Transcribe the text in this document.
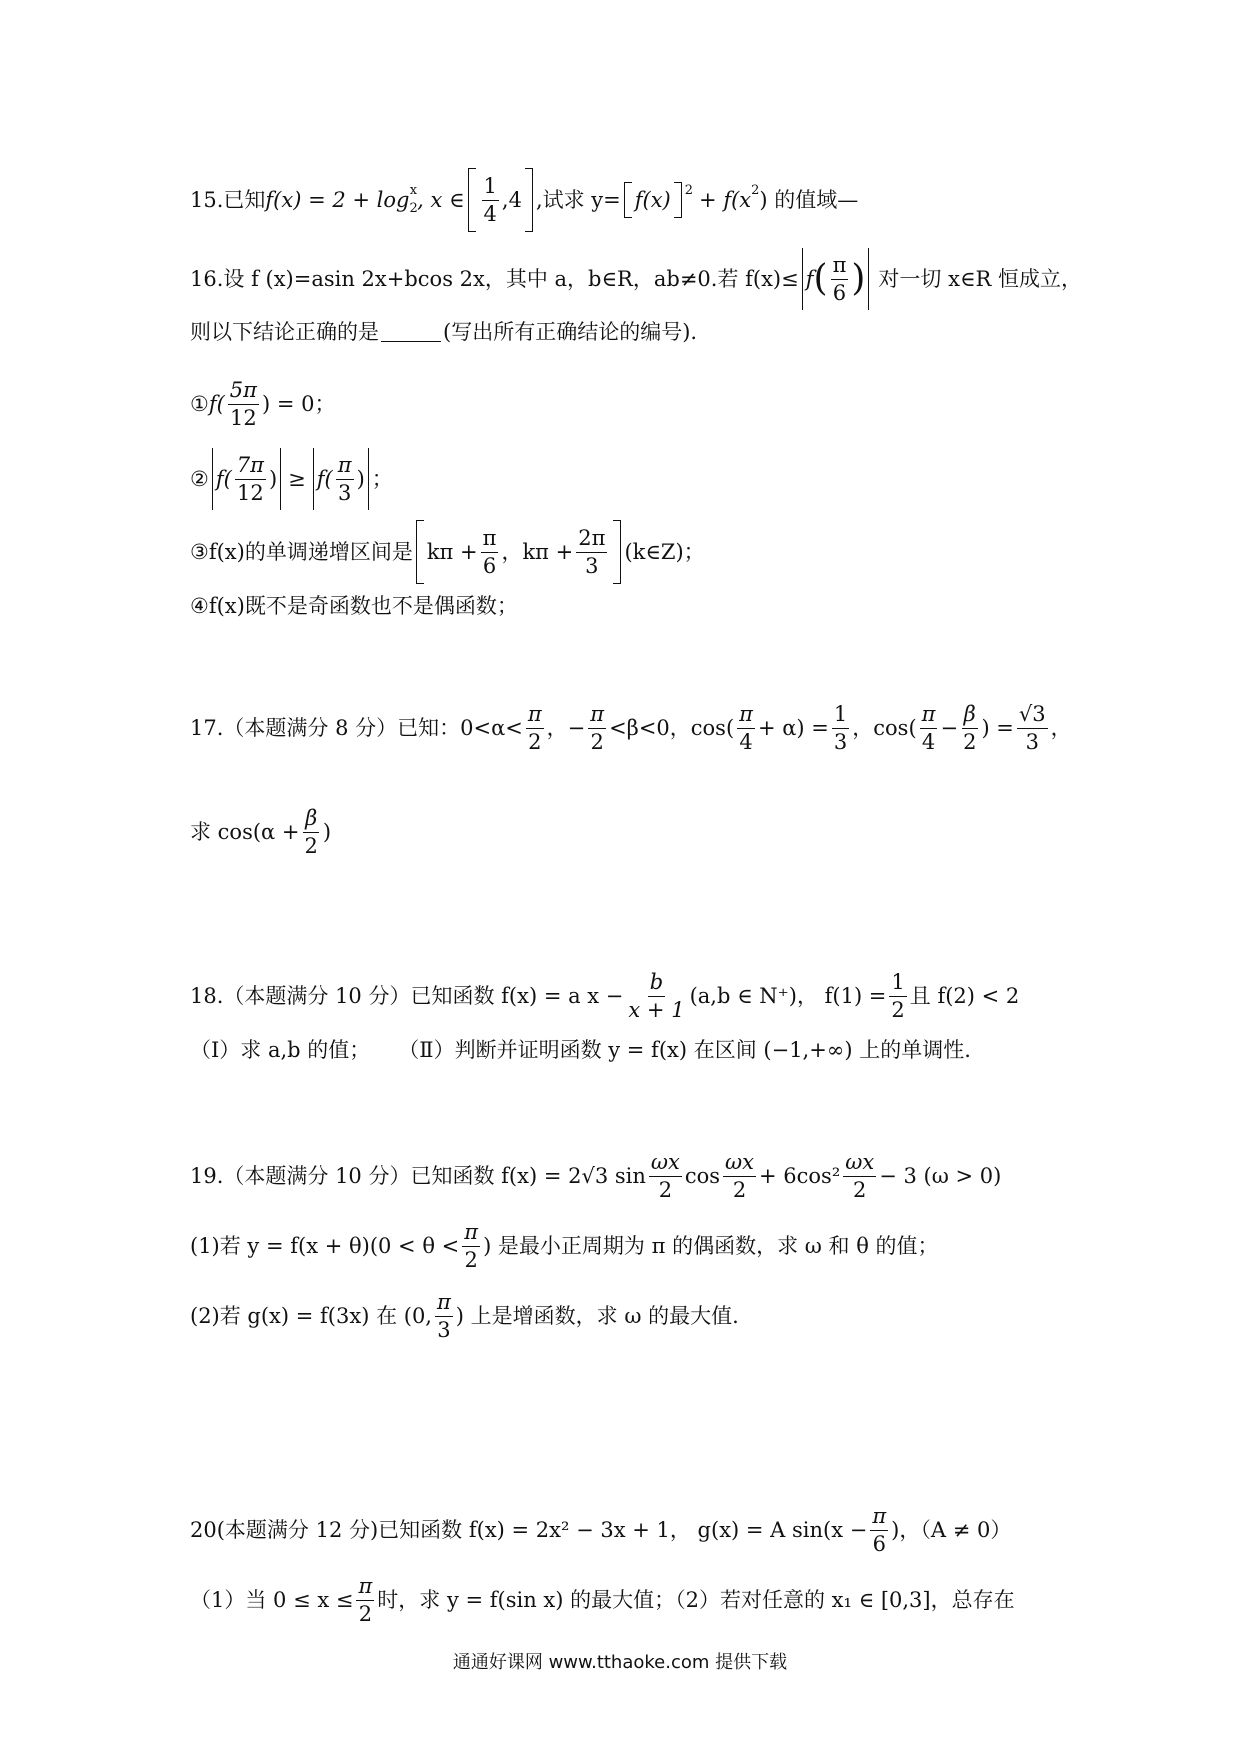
15.已知 f(x) = 2 + log 2
x , x ∈ $\frac{1}{4} ,4$ ,试求 y= f(x) 2 + f(x 2 ) 的值域—
16.设 f (x)=asin 2x+bcos 2x，其中 a，b∈R，ab≠0.若 f(x)≤ f ( $\frac{\pi}{6}$ ) 对一切 x∈R 恒成立，
则以下结论正确的是	(写出所有正确结论的编号).
① $f( \frac{5\pi}{12}$ ) = 0；
② $f( \frac{7\pi}{12}$ ) ≥ $f( \frac{\pi}{3}$ ) ；
③f(x)的单调递增区间是 $k\pi + \frac{\pi}{6}$ ，$k\pi + \frac{2\pi}{3}$ (k∈Z)；
④f(x)既不是奇函数也不是偶函数；
17.（本题满分 8 分）已知：$0<\alpha< \frac{\pi}{2}$ ，− $\frac{\pi}{2} <\beta<0$，$\cos( \frac{\pi}{4} + \alpha) = \frac{1}{3}$ ，$\cos( \frac{\pi}{4} - \frac{\beta}{2}$ ) = $\frac{√3}{3}$ ，
求 $\cos(\alpha + \frac{\beta}{2}$ )
18.（本题满分 10 分）已知函数 f(x) = a $x - \frac{b}{x + 1} (a,b$ ∈ N⁺)， $f(1) = \frac{1}{2}$ 且 f(2) < 2
（Ⅰ）求 a,b 的值； （Ⅱ）判断并证明函数 y = f(x) 在区间 (−1,+∞) 上的单调性.
19.（本题满分 10 分）已知函数 f(x) = 2√3 $\sin \frac{\omega x}{2}$ $\cos \frac{\omega x}{2} + 6\cos^2 \frac{\omega x}{2} - 3$ (ω > 0)
(1)若 $y = f(x + \theta)(0 < \theta < \frac{\pi}{2}$ ) 是最小正周期为 π 的偶函数，求 ω 和 θ 的值；
(2)若 g(x) = f(3x) 在 (0, $\frac{\pi}{3}$ ) 上是增函数，求 ω 的最大值.
20(本题满分 12 分)已知函数 f(x) = 2x² − 3x + 1， g(x) = A $\sin(x - \frac{\pi}{6}$ )，（A ≠ 0）
（1）当 $0 \le x \le \frac{\pi}{2}$ 时，求 y = f(sin x) 的最大值；（2）若对任意的 x₁ ∈ [0,3]，总存在
通通好课网 www.tthaoke.com 提供下载
